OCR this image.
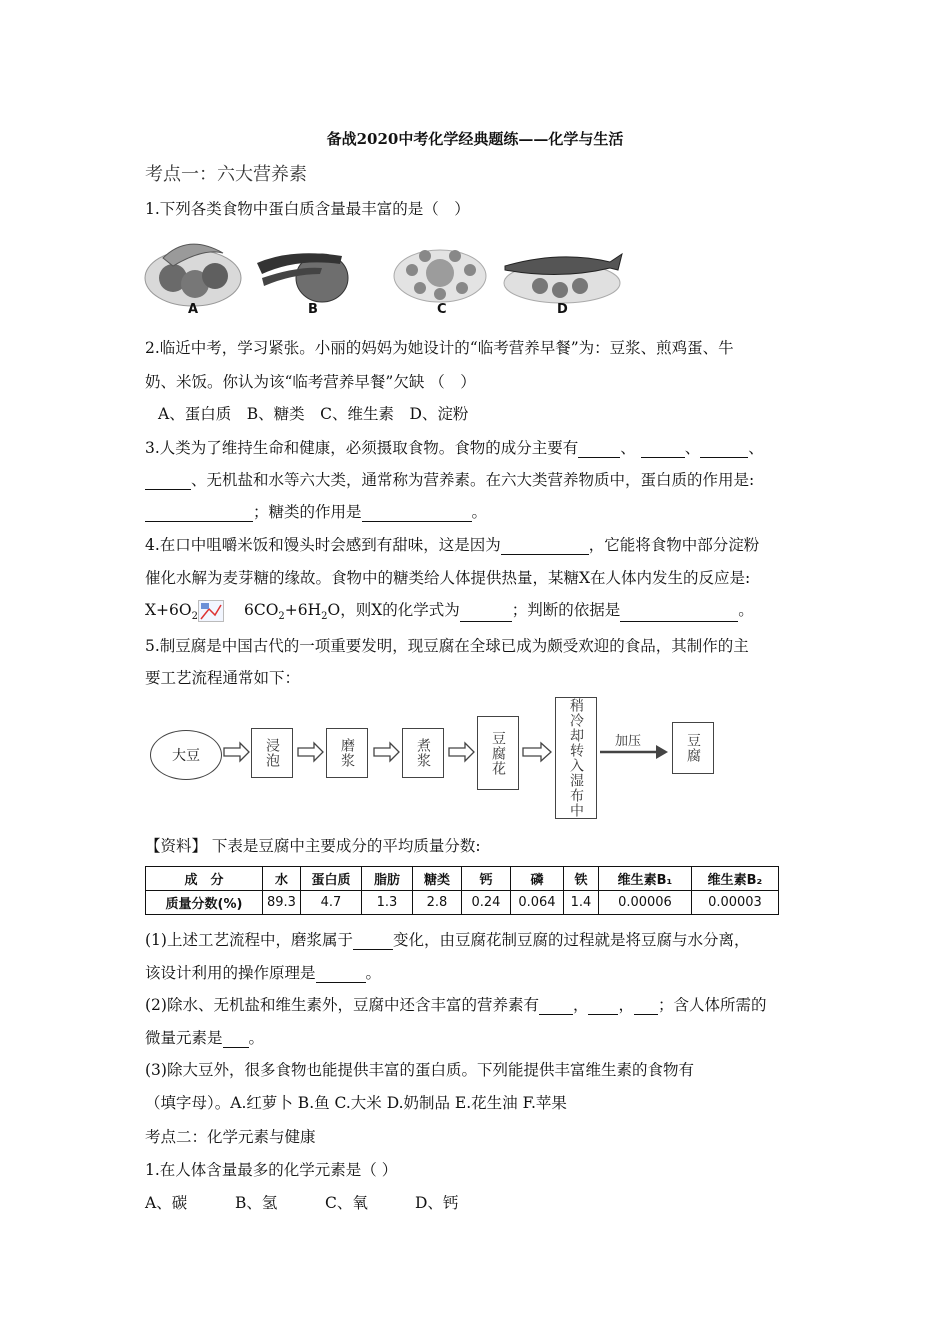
备战2020中考化学经典题练——化学与生活
考点一：六大营养素
1.下列各类食物中蛋白质含量最丰富的是（　）
A	B	C	D
2.临近中考，学习紧张。小丽的妈妈为她设计的“临考营养早餐”为：豆浆、煎鸡蛋、牛
奶、米饭。你认为该“临考营养早餐”欠缺 （　）
A、蛋白质　B、糖类　C、维生素　D、淀粉
3.人类为了维持生命和健康，必须摄取食物。食物的成分主要有	、	、	、
、无机盐和水等六大类，通常称为营养素。在六大类营养物质中，蛋白质的作用是:
；糖类的作用是	。
4.在口中咀嚼米饭和馒头时会感到有甜味，这是因为	，它能将食物中部分淀粉
催化水解为麦芽糖的缘故。食物中的糖类给人体提供热量，某糖X在人体内发生的反应是:
$X+6O_2$	$6CO_2+6H_2O$，则X的化学式为	；判断的依据是	。
5.制豆腐是中国古代的一项重要发明，现豆腐在全球已成为颇受欢迎的食品，其制作的主
要工艺流程通常如下：
大豆	浸泡	磨浆	煮浆	豆腐花	稍冷却转入湿布中	豆腐
加压
【资料】 下表是豆腐中主要成分的平均质量分数:
成　分	水	蛋白质	脂肪	糖类	钙	磷	铁	维生素B₁	维生素B₂
质量分数(%)	89.3	4.7	1.3	2.8	0.24	0.064	1.4	0.00006	0.00003
(1)上述工艺流程中，磨浆属于	变化，由豆腐花制豆腐的过程就是将豆腐与水分离，
该设计利用的操作原理是	。
(2)除水、无机盐和维生素外，豆腐中还含丰富的营养素有 ， ， ；含人体所需的
微量元素是 。
(3)除大豆外，很多食物也能提供丰富的蛋白质。下列能提供丰富维生素的食物有
（填字母）。A.红萝卜 B.鱼 C.大米 D.奶制品 E.花生油 F.苹果
考点二：化学元素与健康
1.在人体含量最多的化学元素是（ ）
A、碳	B、氢	C、氧	D、钙
